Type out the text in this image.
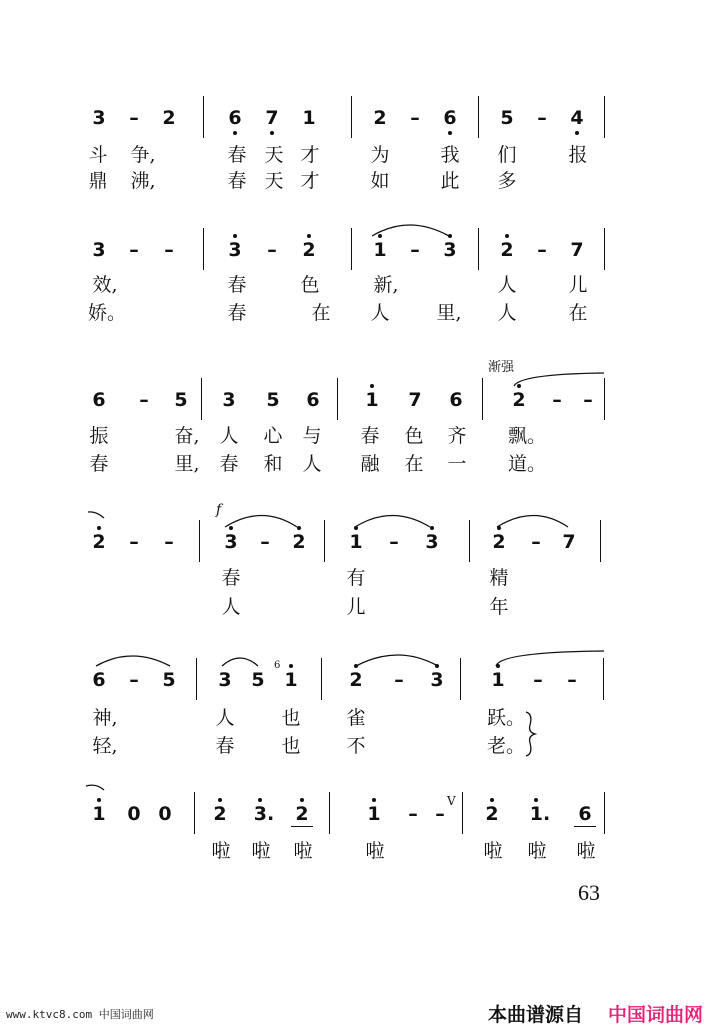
3 – 2	6 7 1	2 – 6 5 – 4
斗 争,	春 天 才	为	我 们	报
鼎 沸,	春 天 才	如	此 多
3 – –	3 – 2	1 – 3 2 – 7
效,	春	色	新,	人	儿
娇。	春	在 人 里, 人	在
渐强
6 – 5 3 5 6 1 7 6	2 – –
振	奋, 人 心 与 春 色 齐 飘。
春	里, 春 和 人 融 在 一 道。
f
2 – –	3 – 2 1 – 3	2 – 7
春	有	精
人	儿	年
6 – 5 3 5
6
1	2 – 3	1 – –
神,	人 也 雀	跃。
轻,	春 也 不	老。
1 0 0 2 3. 2	1 – –
V
2 1. 6
啦 啦 啦	啦	啦 啦 啦
63
www.ktvc8.com 中国词曲网	本曲谱源自 中国词曲网
